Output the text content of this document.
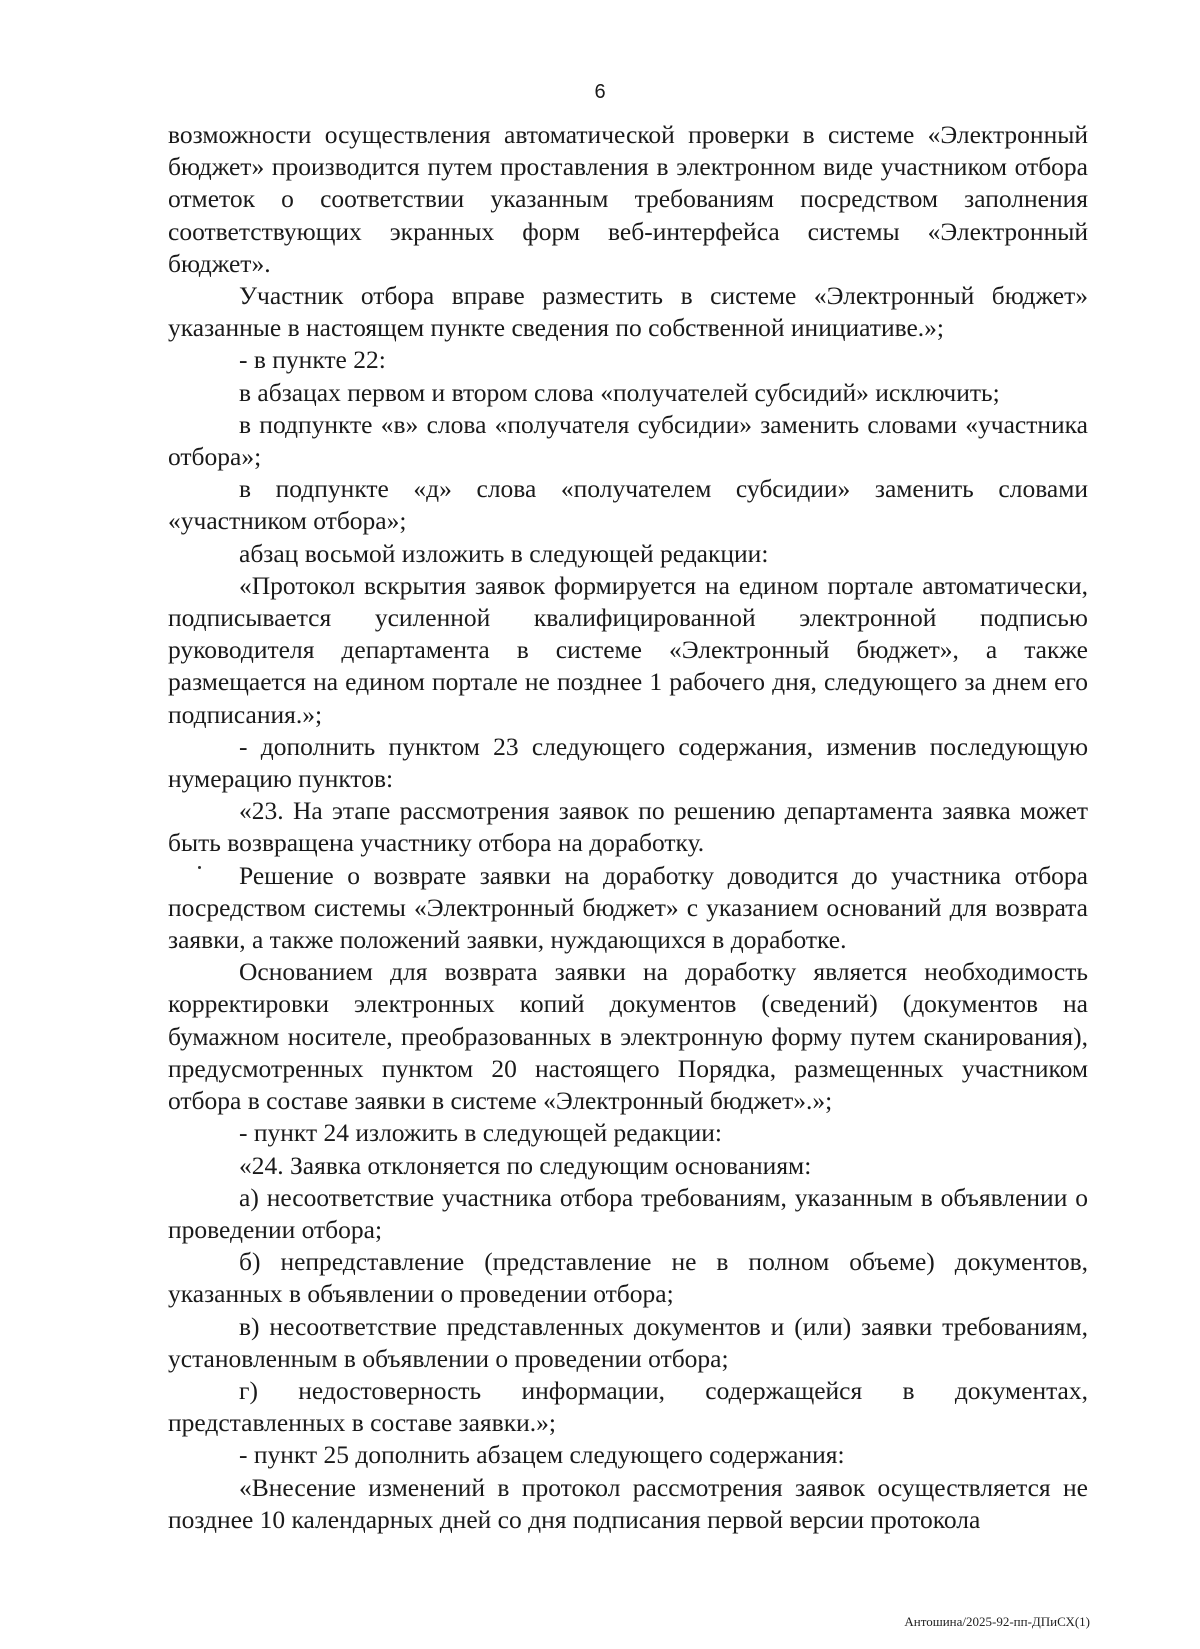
6

возможности осуществления автоматической проверки в системе «Электронный бюджет» производится путем проставления в электронном виде участником отбора отметок о соответствии указанным требованиям посредством заполнения соответствующих экранных форм веб-интерфейса системы «Электронный бюджет».

Участник отбора вправе разместить в системе «Электронный бюджет» указанные в настоящем пункте сведения по собственной инициативе.»;

- в пункте 22:

в абзацах первом и втором слова «получателей субсидий» исключить;

в подпункте «в» слова «получателя субсидии» заменить словами «участника отбора»;

в подпункте «д» слова «получателем субсидии» заменить словами «участником отбора»;

абзац восьмой изложить в следующей редакции:

«Протокол вскрытия заявок формируется на едином портале автоматически, подписывается усиленной квалифицированной электронной подписью руководителя департамента в системе «Электронный бюджет», а также размещается на едином портале не позднее 1 рабочего дня, следующего за днем его подписания.»;

- дополнить пунктом 23 следующего содержания, изменив последующую нумерацию пунктов:

«23. На этапе рассмотрения заявок по решению департамента заявка может быть возвращена участнику отбора на доработку.

Решение о возврате заявки на доработку доводится до участника отбора посредством системы «Электронный бюджет» с указанием оснований для возврата заявки, а также положений заявки, нуждающихся в доработке.

Основанием для возврата заявки на доработку является необходимость корректировки электронных копий документов (сведений) (документов на бумажном носителе, преобразованных в электронную форму путем сканирования), предусмотренных пунктом 20 настоящего Порядка, размещенных участником отбора в составе заявки в системе «Электронный бюджет».»;

- пункт 24 изложить в следующей редакции:

«24. Заявка отклоняется по следующим основаниям:

а) несоответствие участника отбора требованиям, указанным в объявлении о проведении отбора;

б) непредставление (представление не в полном объеме) документов, указанных в объявлении о проведении отбора;

в) несоответствие представленных документов и (или) заявки требованиям, установленным в объявлении о проведении отбора;

г) недостоверность информации, содержащейся в документах, представленных в составе заявки.»;

- пункт 25 дополнить абзацем следующего содержания:

«Внесение изменений в протокол рассмотрения заявок осуществляется не позднее 10 календарных дней со дня подписания первой версии протокола

Антошина/2025-92-пп-ДПиСХ(1)
